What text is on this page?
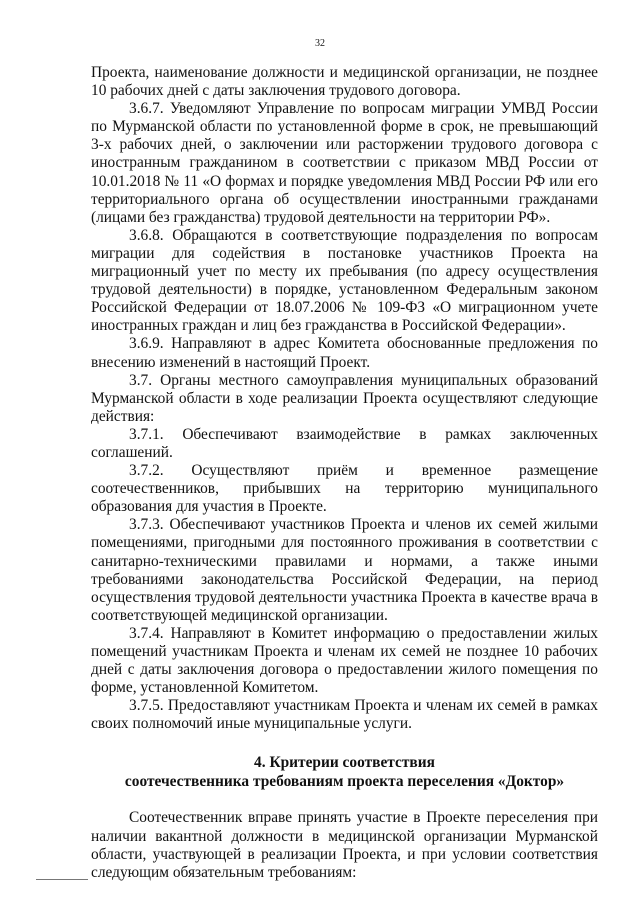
32

Проекта, наименование должности и медицинской организации, не позднее 10 рабочих дней с даты заключения трудового договора.

3.6.7. Уведомляют Управление по вопросам миграции УМВД России по Мурманской области по установленной форме в срок, не превышающий 3-х рабочих дней, о заключении или расторжении трудового договора с иностранным гражданином в соответствии с приказом МВД России от 10.01.2018 № 11 «О формах и порядке уведомления МВД России РФ или его территориального органа об осуществлении иностранными гражданами (лицами без гражданства) трудовой деятельности на территории РФ».

3.6.8. Обращаются в соответствующие подразделения по вопросам миграции для содействия в постановке участников Проекта на миграционный учет по месту их пребывания (по адресу осуществления трудовой деятельности) в порядке, установленном Федеральным законом Российской Федерации от 18.07.2006 № 109-ФЗ «О миграционном учете иностранных граждан и лиц без гражданства в Российской Федерации».

3.6.9. Направляют в адрес Комитета обоснованные предложения по внесению изменений в настоящий Проект.

3.7. Органы местного самоуправления муниципальных образований Мурманской области в ходе реализации Проекта осуществляют следующие действия:

3.7.1. Обеспечивают взаимодействие в рамках заключенных соглашений.

3.7.2. Осуществляют приём и временное размещение соотечественников, прибывших на территорию муниципального образования для участия в Проекте.

3.7.3. Обеспечивают участников Проекта и членов их семей жилыми помещениями, пригодными для постоянного проживания в соответствии с санитарно-техническими правилами и нормами, а также иными требованиями законодательства Российской Федерации, на период осуществления трудовой деятельности участника Проекта в качестве врача в соответствующей медицинской организации.

3.7.4. Направляют в Комитет информацию о предоставлении жилых помещений участникам Проекта и членам их семей не позднее 10 рабочих дней с даты заключения договора о предоставлении жилого помещения по форме, установленной Комитетом.

3.7.5. Предоставляют участникам Проекта и членам их семей в рамках своих полномочий иные муниципальные услуги.

4. Критерии соответствия
соотечественника требованиям проекта переселения «Доктор»

Соотечественник вправе принять участие в Проекте переселения при наличии вакантной должности в медицинской организации Мурманской области, участвующей в реализации Проекта, и при условии соответствия следующим обязательным требованиям:
